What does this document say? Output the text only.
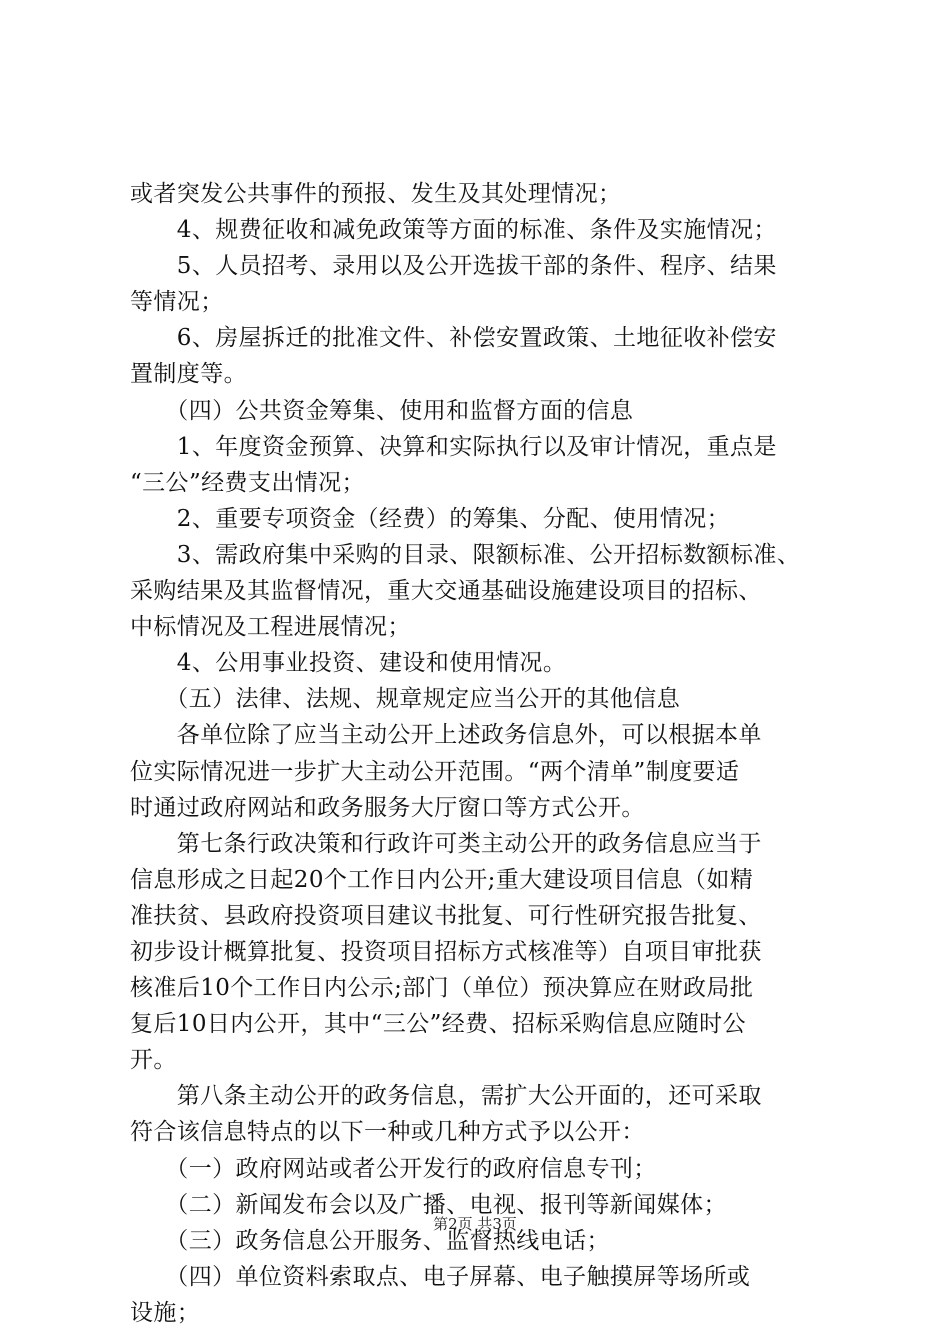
或者突发公共事件的预报、发生及其处理情况；
　　4、规费征收和减免政策等方面的标准、条件及实施情况；
　　5、人员招考、录用以及公开选拔干部的条件、程序、结果
等情况；
　　6、房屋拆迁的批准文件、补偿安置政策、土地征收补偿安
置制度等。
　　（四）公共资金筹集、使用和监督方面的信息
　　1、年度资金预算、决算和实际执行以及审计情况，重点是
“三公”经费支出情况；
　　2、重要专项资金（经费）的筹集、分配、使用情况；
　　3、需政府集中采购的目录、限额标准、公开招标数额标准、
采购结果及其监督情况，重大交通基础设施建设项目的招标、
中标情况及工程进展情况；
　　4、公用事业投资、建设和使用情况。
　　（五）法律、法规、规章规定应当公开的其他信息
　　各单位除了应当主动公开上述政务信息外，可以根据本单
位实际情况进一步扩大主动公开范围。“两个清单”制度要适
时通过政府网站和政务服务大厅窗口等方式公开。
　　第七条行政决策和行政许可类主动公开的政务信息应当于
信息形成之日起20个工作日内公开;重大建设项目信息（如精
准扶贫、县政府投资项目建议书批复、可行性研究报告批复、
初步设计概算批复、投资项目招标方式核准等）自项目审批获
核准后10个工作日内公示;部门（单位）预决算应在财政局批
复后10日内公开，其中“三公”经费、招标采购信息应随时公
开。
　　第八条主动公开的政务信息，需扩大公开面的，还可采取
符合该信息特点的以下一种或几种方式予以公开：
　　（一）政府网站或者公开发行的政府信息专刊；
　　（二）新闻发布会以及广播、电视、报刊等新闻媒体；
　　（三）政务信息公开服务、监督热线电话；
　　（四）单位资料索取点、电子屏幕、电子触摸屏等场所或
设施；
第2页 共3页
